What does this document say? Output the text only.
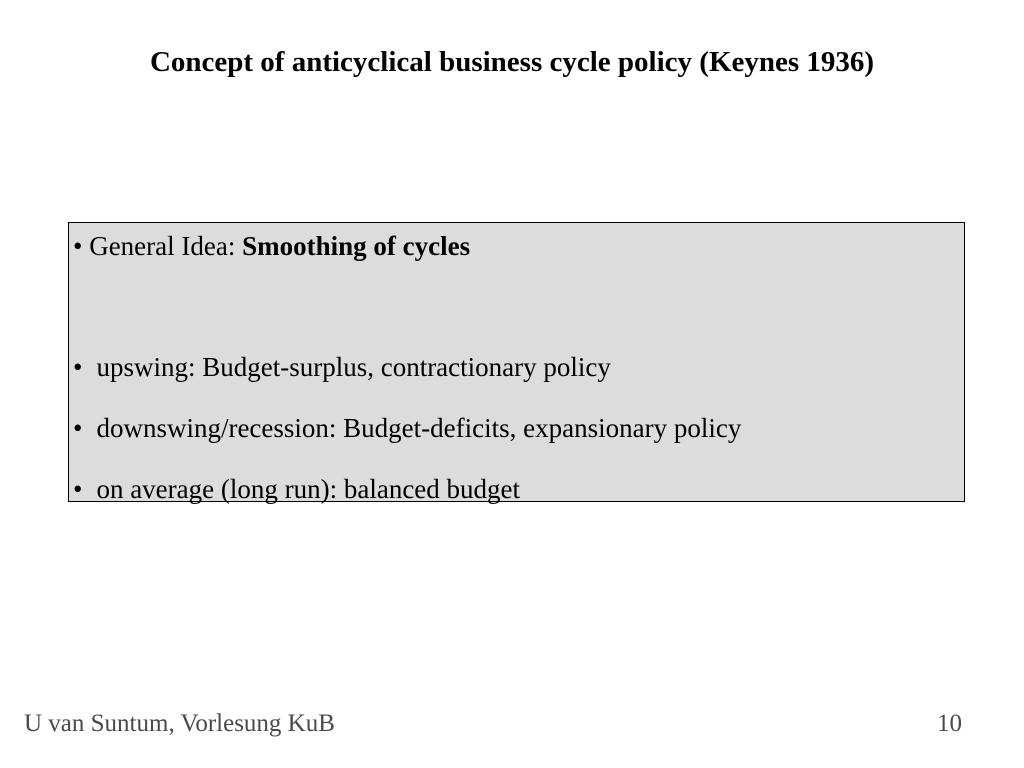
Concept of anticyclical business cycle policy (Keynes 1936)
• General Idea: Smoothing of cycles
• upswing: Budget-surplus, contractionary policy
• downswing/recession: Budget-deficits, expansionary policy
• on average (long run): balanced budget
U van Suntum, Vorlesung KuB	10
